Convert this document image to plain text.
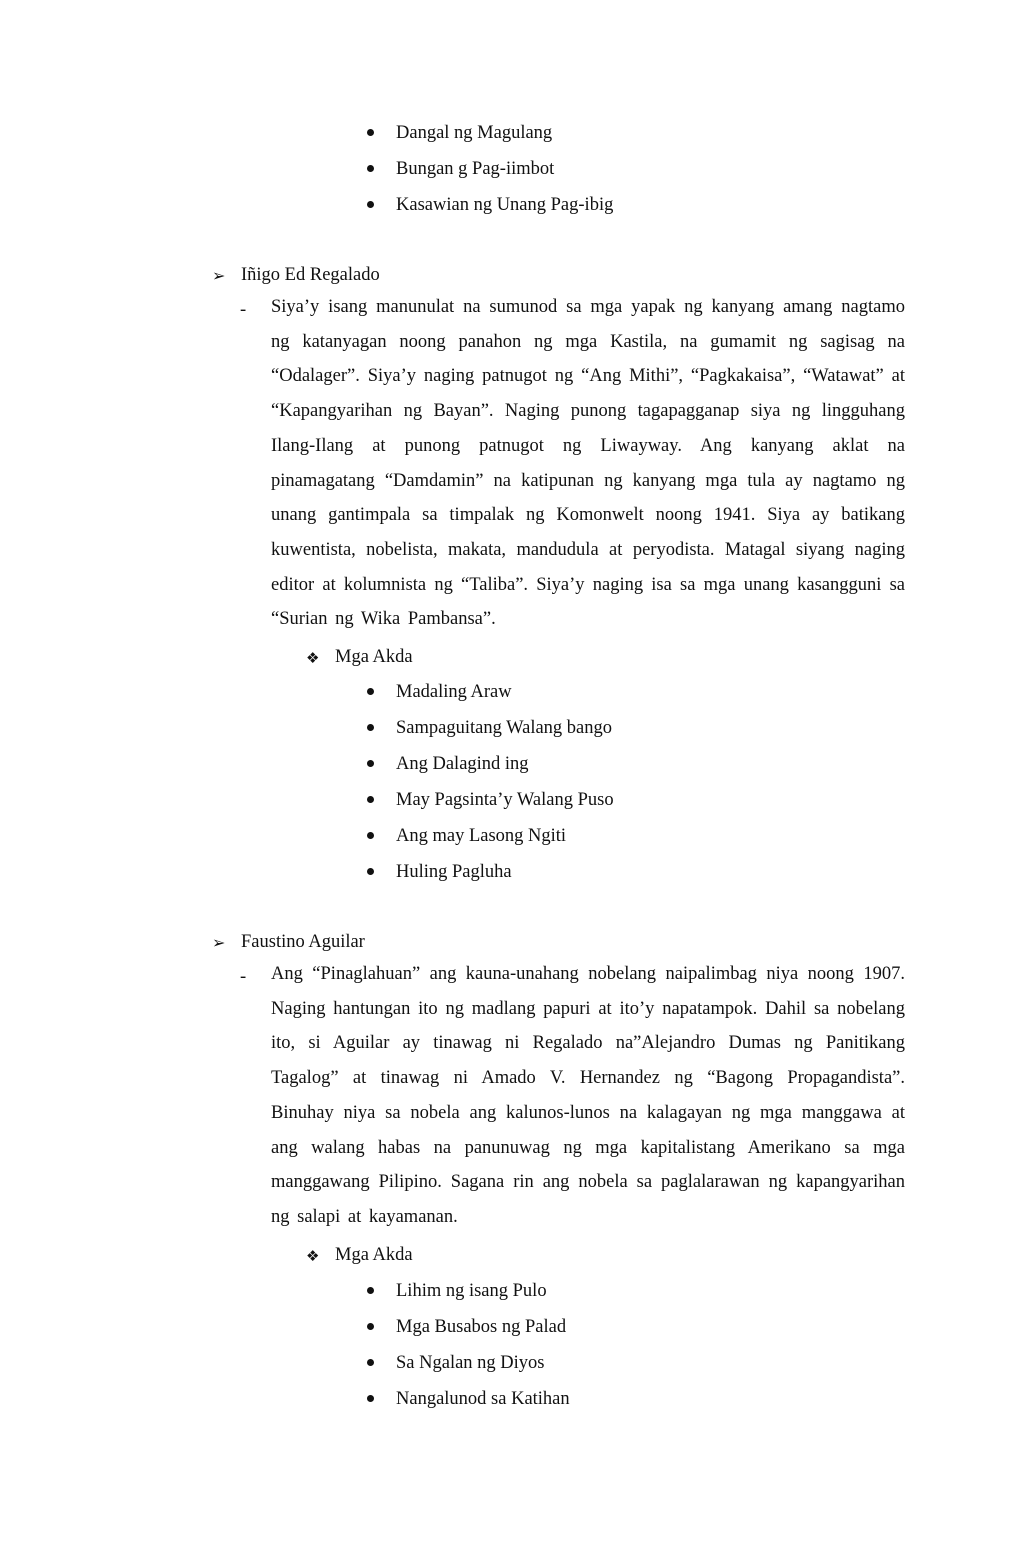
Dangal ng Magulang
Bungan g Pag-iimbot
Kasawian ng Unang Pag-ibig
➢ Iñigo Ed Regalado
- Siya’y isang manunulat na sumunod sa mga yapak ng kanyang amang nagtamo ng katanyagan noong panahon ng mga Kastila, na gumamit ng sagisag na “Odalager”. Siya’y naging patnugot ng “Ang Mithi”, “Pagkakaisa”, “Watawat” at “Kapangyarihan ng Bayan”. Naging punong tagapagganap siya ng lingguhang Ilang-Ilang at punong patnugot ng Liwayway. Ang kanyang aklat na pinamagatang “Damdamin” na katipunan ng kanyang mga tula ay nagtamo ng unang gantimpala sa timpalak ng Komonwelt noong 1941. Siya ay batikang kuwentista, nobelista, makata, mandudula at peryodista. Matagal siyang naging editor at kolumnista ng “Taliba”. Siya’y naging isa sa mga unang kasangguni sa “Surian ng Wika Pambansa”.

❖ Mga Akda
Madaling Araw
Sampaguitang Walang bango
Ang Dalagind ing
May Pagsinta’y Walang Puso
Ang may Lasong Ngiti
Huling Pagluha
➢ Faustino Aguilar
- Ang “Pinaglahuan” ang kauna-unahang nobelang naipalimbag niya noong 1907. Naging hantungan ito ng madlang papuri at ito’y napatampok. Dahil sa nobelang ito, si Aguilar ay tinawag ni Regalado na”Alejandro Dumas ng Panitikang Tagalog” at tinawag ni Amado V. Hernandez ng “Bagong Propagandista”. Binuhay niya sa nobela ang kalunos-lunos na kalagayan ng mga manggawa at ang walang habas na panunuwag ng mga kapitalistang Amerikano sa mga manggawang Pilipino. Sagana rin ang nobela sa paglalarawan ng kapangyarihan ng salapi at kayamanan.

❖ Mga Akda
Lihim ng isang Pulo
Mga Busabos ng Palad
Sa Ngalan ng Diyos
Nangalunod sa Katihan
